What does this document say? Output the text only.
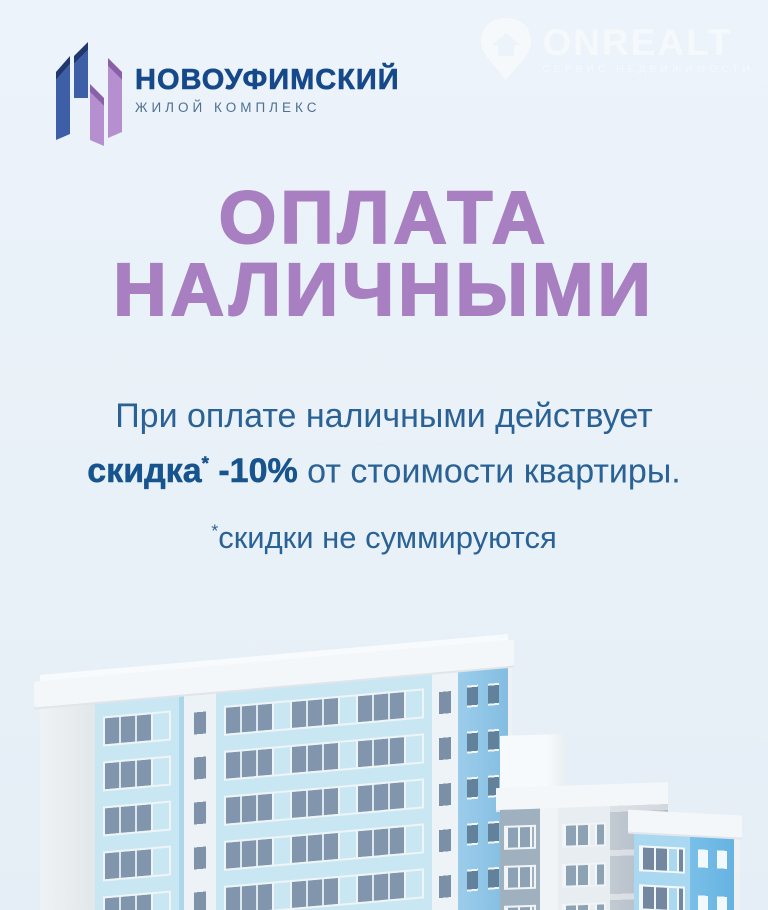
НОВОУФИМСКИЙ
ЖИЛОЙ КОМПЛЕКС
ONREALT
СЕРВИС НЕДВИЖИМОСТИ
ОПЛАТА
НАЛИЧНЫМИ
При оплате наличными действует
скидка* -10% от стоимости квартиры.
*скидки не суммируются
